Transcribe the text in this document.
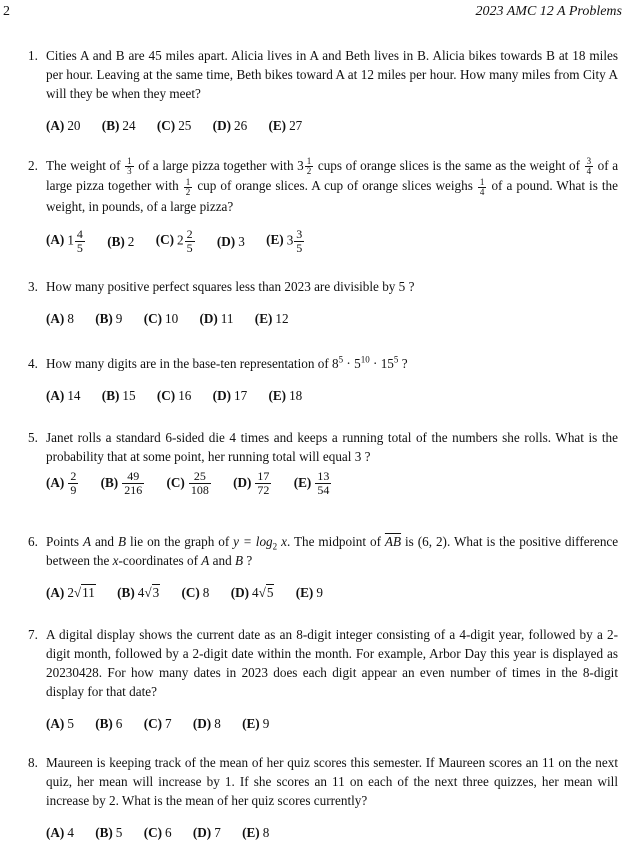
2	2023 AMC 12 A Problems
1. Cities A and B are 45 miles apart. Alicia lives in A and Beth lives in B. Alicia bikes towards B at 18 miles per hour. Leaving at the same time, Beth bikes toward A at 12 miles per hour. How many miles from City A will they be when they meet?
(A) 20 (B) 24 (C) 25 (D) 26 (E) 27
2. The weight of $\frac{1}{3}$ of a large pizza together with $3 \frac{1}{2}$ cups of orange slices is the same as the weight of $\frac{3}{4}$ of a large pizza together with $\frac{1}{2}$ cup of orange slices. A cup of orange slices weighs $\frac{1}{4}$ of a pound. What is the weight, in pounds, of a large pizza?
(A) $1 \frac{4}{5} (B)$ 2 (C) $2 \frac{2}{5} (D)$ 3 (E) $3 \frac{3}{5}$
3. How many positive perfect squares less than 2023 are divisible by 5 ?
(A) 8 (B) 9 (C) 10 (D) 11 (E) 12
4. How many digits are in the base-ten representation of $8^5 \cdot 5^{10} \cdot 15^5$ ?
(A) 14 (B) 15 (C) 16 (D) 17 (E) 18
5. Janet rolls a standard 6-sided die 4 times and keeps a running total of the numbers she rolls. What is the probability that at some point, her running total will equal 3 ?
$(A) \frac{2}{9} (B) \frac{49}{216} (C) \frac{25}{108} (D) \frac{17}{72} (E) \frac{13}{54}$
6. Points A and B lie on the graph of $y = \log_2 x$. The midpoint of $\overline{AB}$ is (6, 2). What is the positive difference between the x-coordinates of A and B ?
(A) 2√11 (B) 4√3 (C) 8 (D) 4√5 (E) 9
7. A digital display shows the current date as an 8-digit integer consisting of a 4-digit year, followed by a 2-digit month, followed by a 2-digit date within the month. For example, Arbor Day this year is displayed as 20230428. For how many dates in 2023 does each digit appear an even number of times in the 8-digit display for that date?
(A) 5 (B) 6 (C) 7 (D) 8 (E) 9
8. Maureen is keeping track of the mean of her quiz scores this semester. If Maureen scores an 11 on the next quiz, her mean will increase by 1. If she scores an 11 on each of the next three quizzes, her mean will increase by 2. What is the mean of her quiz scores currently?
(A) 4 (B) 5 (C) 6 (D) 7 (E) 8
